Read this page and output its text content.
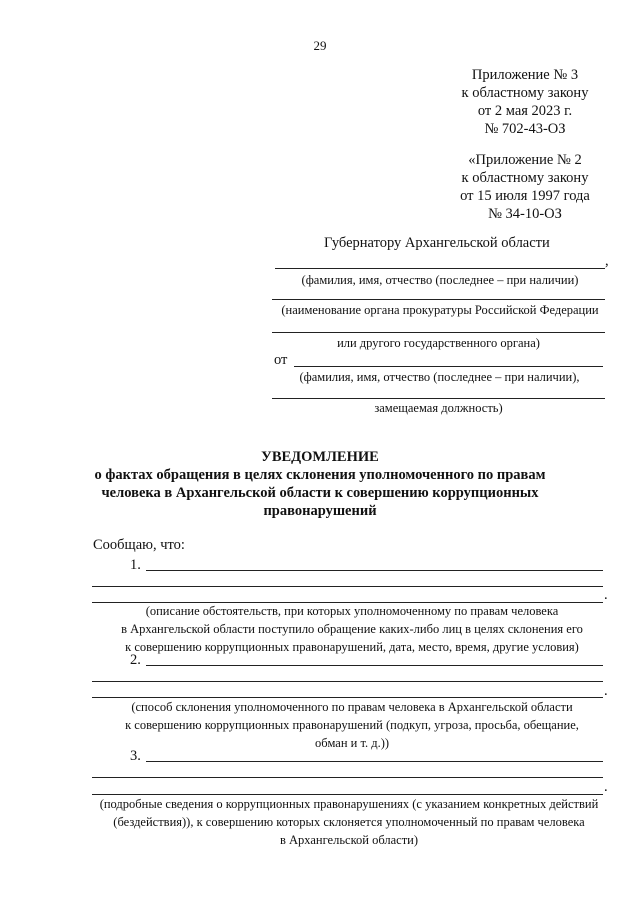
29
Приложение № 3
к областному закону
от 2 мая 2023 г.
№ 702-43-ОЗ
«Приложение № 2
к областному закону
от 15 июля 1997 года
№ 34-10-ОЗ
Губернатору Архангельской области
,
(фамилия, имя, отчество (последнее – при наличии)
(наименование органа прокуратуры Российской Федерации
или другого государственного органа)
от
(фамилия, имя, отчество (последнее – при наличии),
замещаемая должность)
УВЕДОМЛЕНИЕ
о фактах обращения в целях склонения уполномоченного по правам
человека в Архангельской области к совершению коррупционных
правонарушений
Сообщаю, что:
1.
.
(описание обстоятельств, при которых уполномоченному по правам человека
в Архангельской области поступило обращение каких-либо лиц в целях склонения его
к совершению коррупционных правонарушений, дата, место, время, другие условия)
2.
.
(способ склонения уполномоченного по правам человека в Архангельской области
к совершению коррупционных правонарушений (подкуп, угроза, просьба, обещание,
обман и т. д.))
3.
.
(подробные сведения о коррупционных правонарушениях (с указанием конкретных действий
(бездействия)), к совершению которых склоняется уполномоченный по правам человека
в Архангельской области)
